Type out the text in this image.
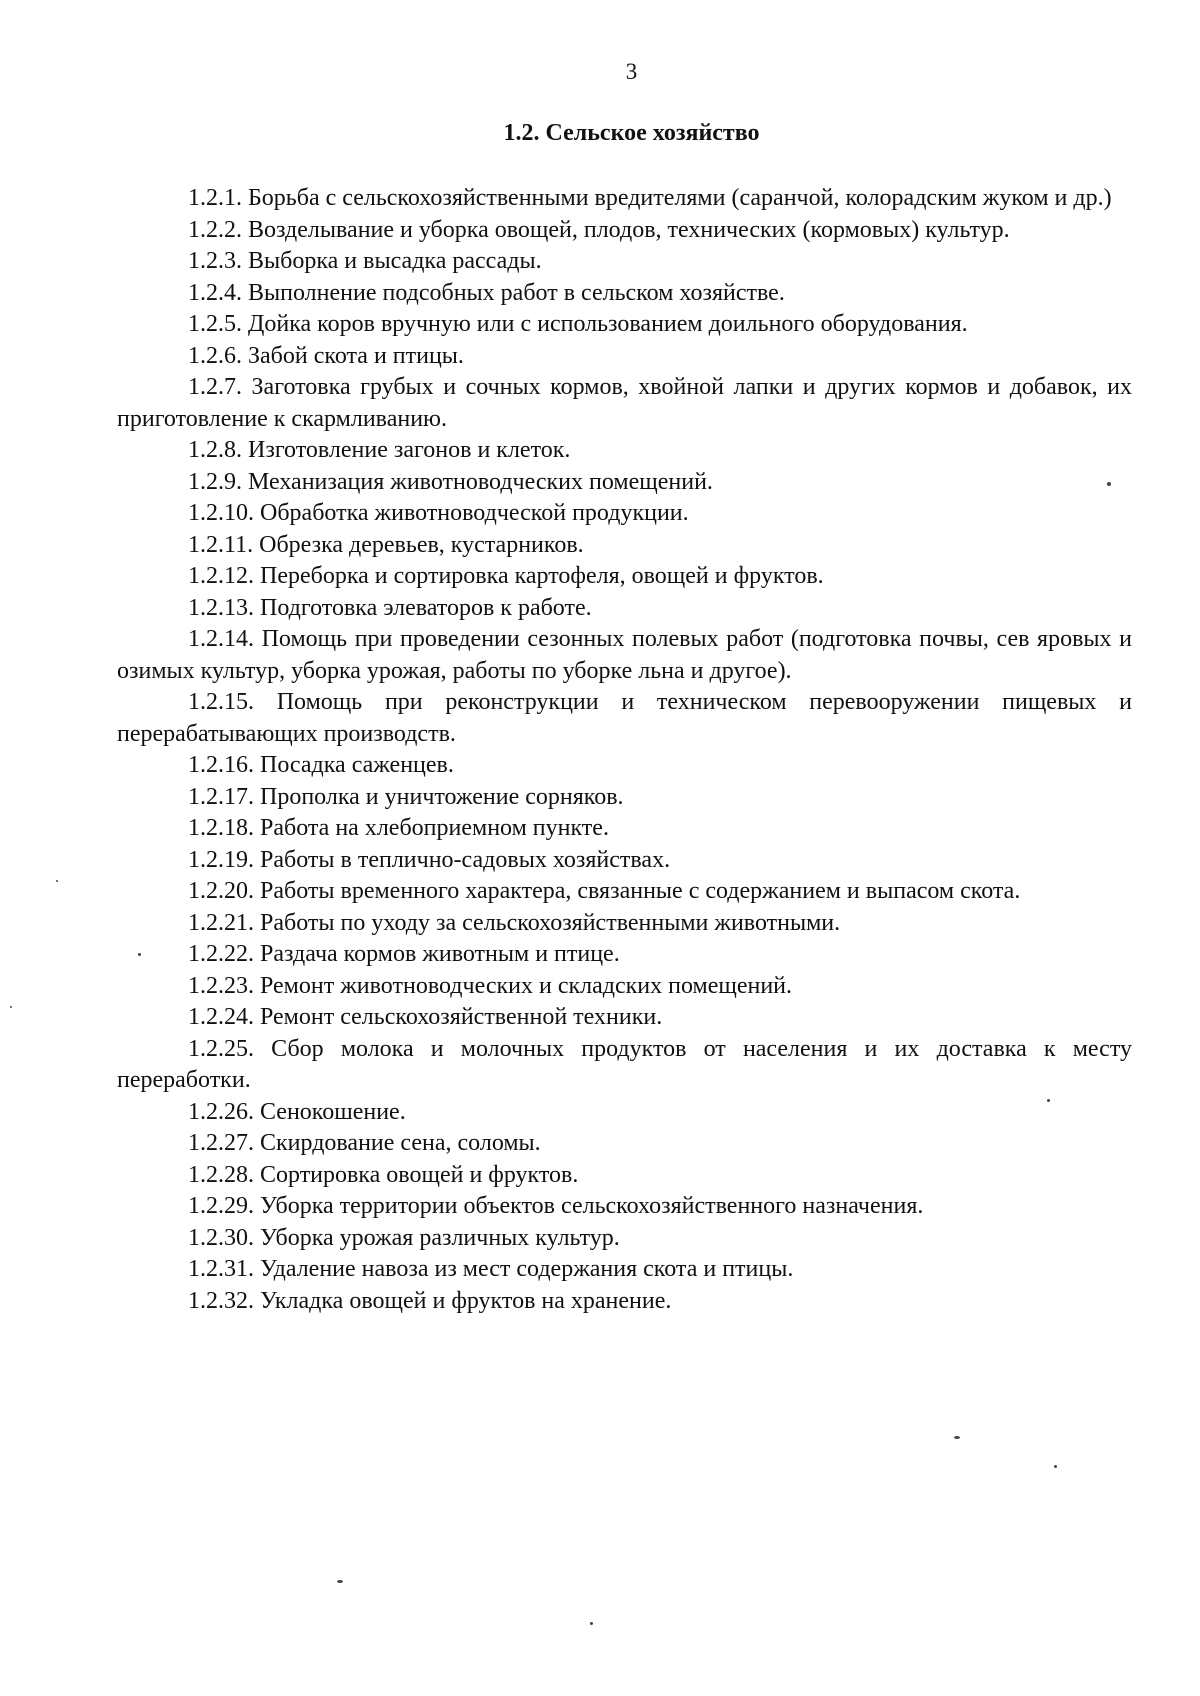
3
1.2. Сельское хозяйство

1.2.1. Борьба с сельскохозяйственными вредителями (саранчой, колорадским жуком и др.)

1.2.2. Возделывание и уборка овощей, плодов, технических (кормовых) культур.

1.2.3. Выборка и высадка рассады.

1.2.4. Выполнение подсобных работ в сельском хозяйстве.

1.2.5. Дойка коров вручную или с использованием доильного оборудования.

1.2.6. Забой скота и птицы.

1.2.7. Заготовка грубых и сочных кормов, хвойной лапки и других кормов и добавок, их приготовление к скармливанию.

1.2.8. Изготовление загонов и клеток.

1.2.9. Механизация животноводческих помещений.

1.2.10. Обработка животноводческой продукции.

1.2.11. Обрезка деревьев, кустарников.

1.2.12. Переборка и сортировка картофеля, овощей и фруктов.

1.2.13. Подготовка элеваторов к работе.

1.2.14. Помощь при проведении сезонных полевых работ (подготовка почвы, сев яровых и озимых культур, уборка урожая, работы по уборке льна и другое).

1.2.15. Помощь при реконструкции и техническом перевооружении пищевых и перерабатывающих производств.

1.2.16. Посадка саженцев.

1.2.17. Прополка и уничтожение сорняков.

1.2.18. Работа на хлебоприемном пункте.

1.2.19. Работы в теплично-садовых хозяйствах.

1.2.20. Работы временного характера, связанные с содержанием и выпасом скота.

1.2.21. Работы по уходу за сельскохозяйственными животными.

1.2.22. Раздача кормов животным и птице.

1.2.23. Ремонт животноводческих и складских помещений.

1.2.24. Ремонт сельскохозяйственной техники.

1.2.25. Сбор молока и молочных продуктов от населения и их доставка к месту переработки.

1.2.26. Сенокошение.

1.2.27. Скирдование сена, соломы.

1.2.28. Сортировка овощей и фруктов.

1.2.29. Уборка территории объектов сельскохозяйственного назначения.

1.2.30. Уборка урожая различных культур.

1.2.31. Удаление навоза из мест содержания скота и птицы.

1.2.32. Укладка овощей и фруктов на хранение.
